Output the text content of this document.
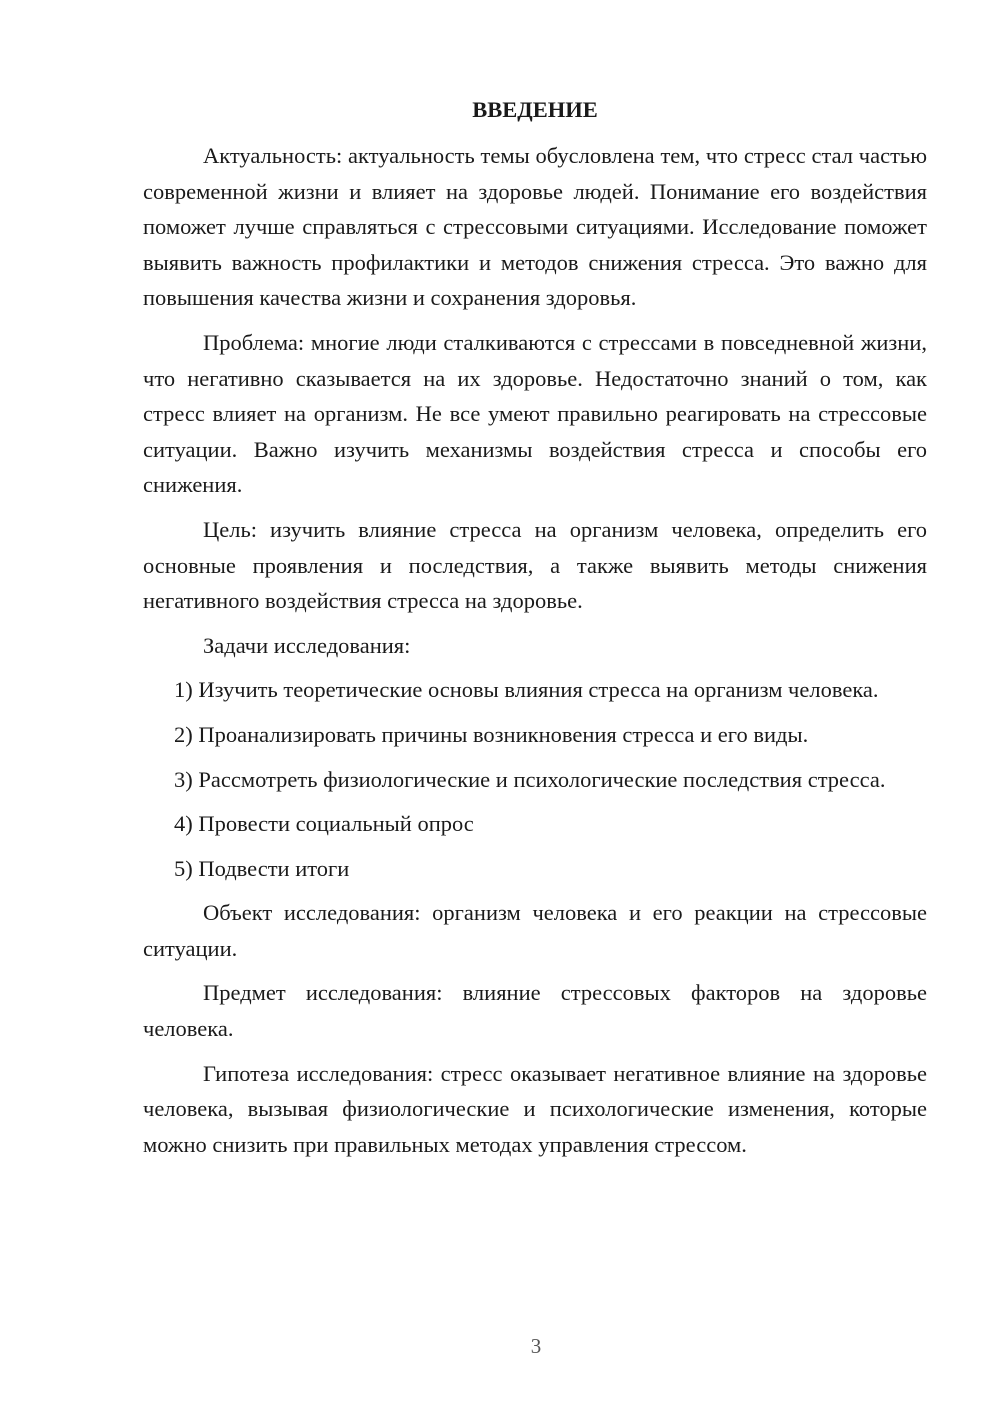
ВВЕДЕНИЕ

Актуальность: актуальность темы обусловлена тем, что стресс стал частью современной жизни и влияет на здоровье людей. Понимание его воздействия поможет лучше справляться с стрессовыми ситуациями. Исследование поможет выявить важность профилактики и методов снижения стресса. Это важно для повышения качества жизни и сохранения здоровья.

Проблема: многие люди сталкиваются с стрессами в повседневной жизни, что негативно сказывается на их здоровье. Недостаточно знаний о том, как стресс влияет на организм. Не все умеют правильно реагировать на стрессовые ситуации. Важно изучить механизмы воздействия стресса и способы его снижения.

Цель: изучить влияние стресса на организм человека, определить его основные проявления и последствия, а также выявить методы снижения негативного воздействия стресса на здоровье.

Задачи исследования:

1) Изучить теоретические основы влияния стресса на организм человека.

2) Проанализировать причины возникновения стресса и его виды.

3) Рассмотреть физиологические и психологические последствия стресса.

4) Провести социальный опрос

5) Подвести итоги

Объект исследования: организм человека и его реакции на стрессовые ситуации.

Предмет исследования: влияние стрессовых факторов на здоровье человека.

Гипотеза исследования: стресс оказывает негативное влияние на здоровье человека, вызывая физиологические и психологические изменения, которые можно снизить при правильных методах управления стрессом.

3
